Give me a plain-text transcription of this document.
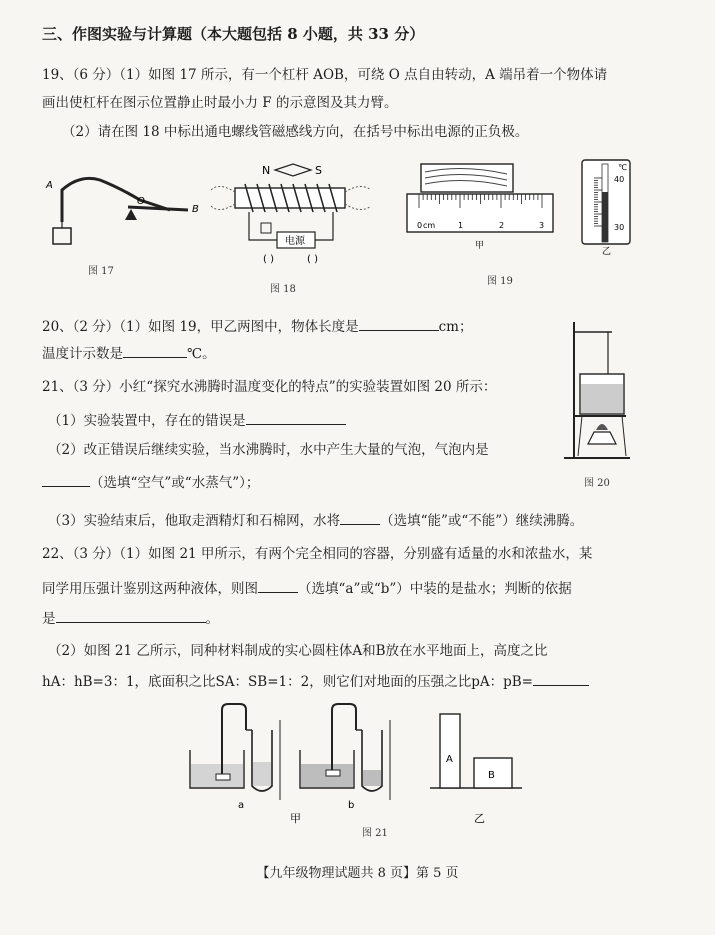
三、作图实验与计算题（本大题包括 8 小题，共 33 分）
19、（6 分）（1）如图 17 所示，有一个杠杆 AOB，可绕 O 点自由转动，A 端吊着一个物体请
画出使杠杆在图示位置静止时最小力 F 的示意图及其力臂。
（2）请在图 18 中标出通电螺线管磁感线方向，在括号中标出电源的正负极。
A
O
B
图 17
N	S
电源
( )	( )
图 18
0 cm	1	2	3
甲
℃
40
30
乙
图 19
20、（2 分）（1）如图 19，甲乙两图中，物体长度是	cm；
温度计示数是	℃。
图 20
21、（3 分）小红“探究水沸腾时温度变化的特点”的实验装置如图 20 所示：
（1）实验装置中，存在的错误是
（2）改正错误后继续实验，当水沸腾时，水中产生大量的气泡，气泡内是
（选填“空气”或“水蒸气”）；
（3）实验结束后，他取走酒精灯和石棉网，水将	（选填“能”或“不能”）继续沸腾。
22、（3 分）（1）如图 21 甲所示，有两个完全相同的容器，分别盛有适量的水和浓盐水，某
同学用压强计鉴别这两种液体，则图	（选填“a”或“b”）中装的是盐水；判断的依据
是	。
（2）如图 21 乙所示，同种材料制成的实心圆柱体A和B放在水平地面上，高度之比
hA：hB=3：1，底面积之比SA：SB=1：2，则它们对地面的压强之比pA：pB=
a	b
甲
A
B
乙
图 21
【九年级物理试题共 8 页】第 5 页
